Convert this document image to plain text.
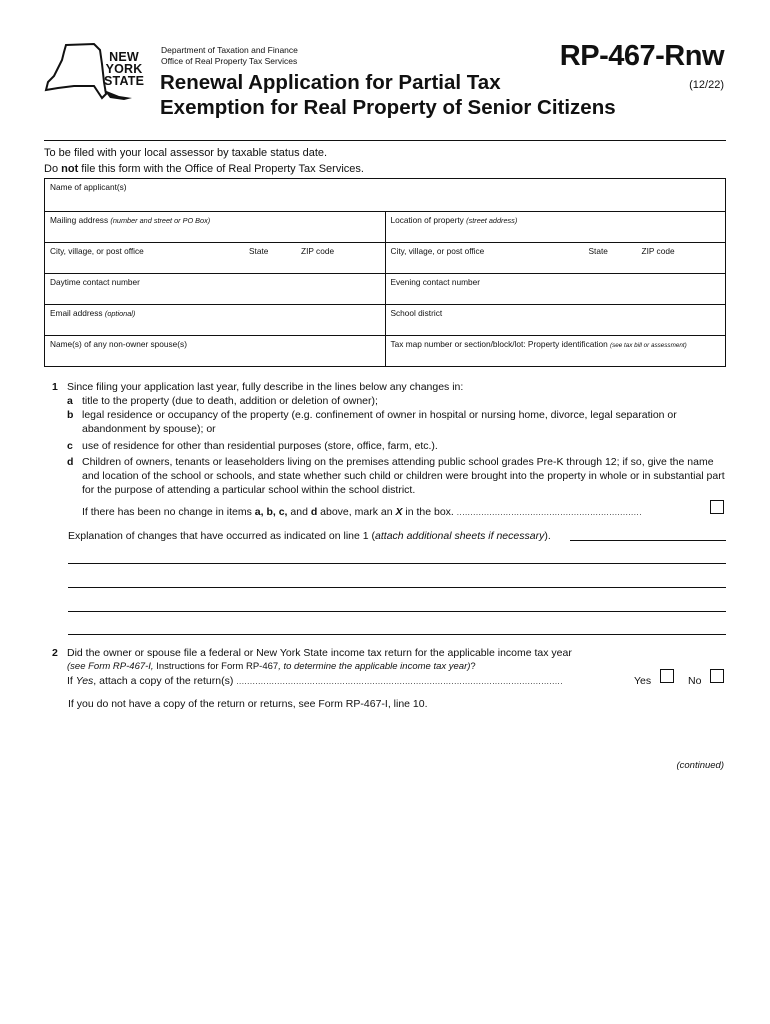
NEW
YORK
STATE
Department of Taxation and Finance
Office of Real Property Tax Services
Renewal Application for Partial Tax
Exemption for Real Property of Senior Citizens
RP-467-Rnw
(12/22)
To be filed with your local assessor by taxable status date.
Do not file this form with the Office of Real Property Tax Services.
Name of applicant(s)
Mailing address (number and street or PO Box)	Location of property (street address)
City, village, or post office	State	ZIP code	City, village, or post office	State	ZIP code
Daytime contact number	Evening contact number
Email address (optional)	School district
Name(s) of any non-owner spouse(s)	Tax map number or section/block/lot: Property identification (see tax bill or assessment)
1 Since filing your application last year, fully describe in the lines below any changes in:
a title to the property (due to death, addition or deletion of owner);
b legal residence or occupancy of the property (e.g. confinement of owner in hospital or nursing home, divorce, legal separation or abandonment by spouse); or
c use of residence for other than residential purposes (store, office, farm, etc.).
d Children of owners, tenants or leaseholders living on the premises attending public school grades Pre-K through 12; if so, give the name and location of the school or schools, and state whether such child or children were brought into the property in whole or in substantial part for the purpose of attending a particular school within the school district.
If there has been no change in items a, b, c, and d above, mark an X in the box. ....................................................................
Explanation of changes that have occurred as indicated on line 1 (attach additional sheets if necessary).
2 Did the owner or spouse file a federal or New York State income tax return for the applicable income tax year
(see Form RP-467-I, Instructions for Form RP-467, to determine the applicable income tax year)?
If Yes, attach a copy of the return(s) ........................................................................................................................	Yes	No
If you do not have a copy of the return or returns, see Form RP-467-I, line 10.
(continued)
